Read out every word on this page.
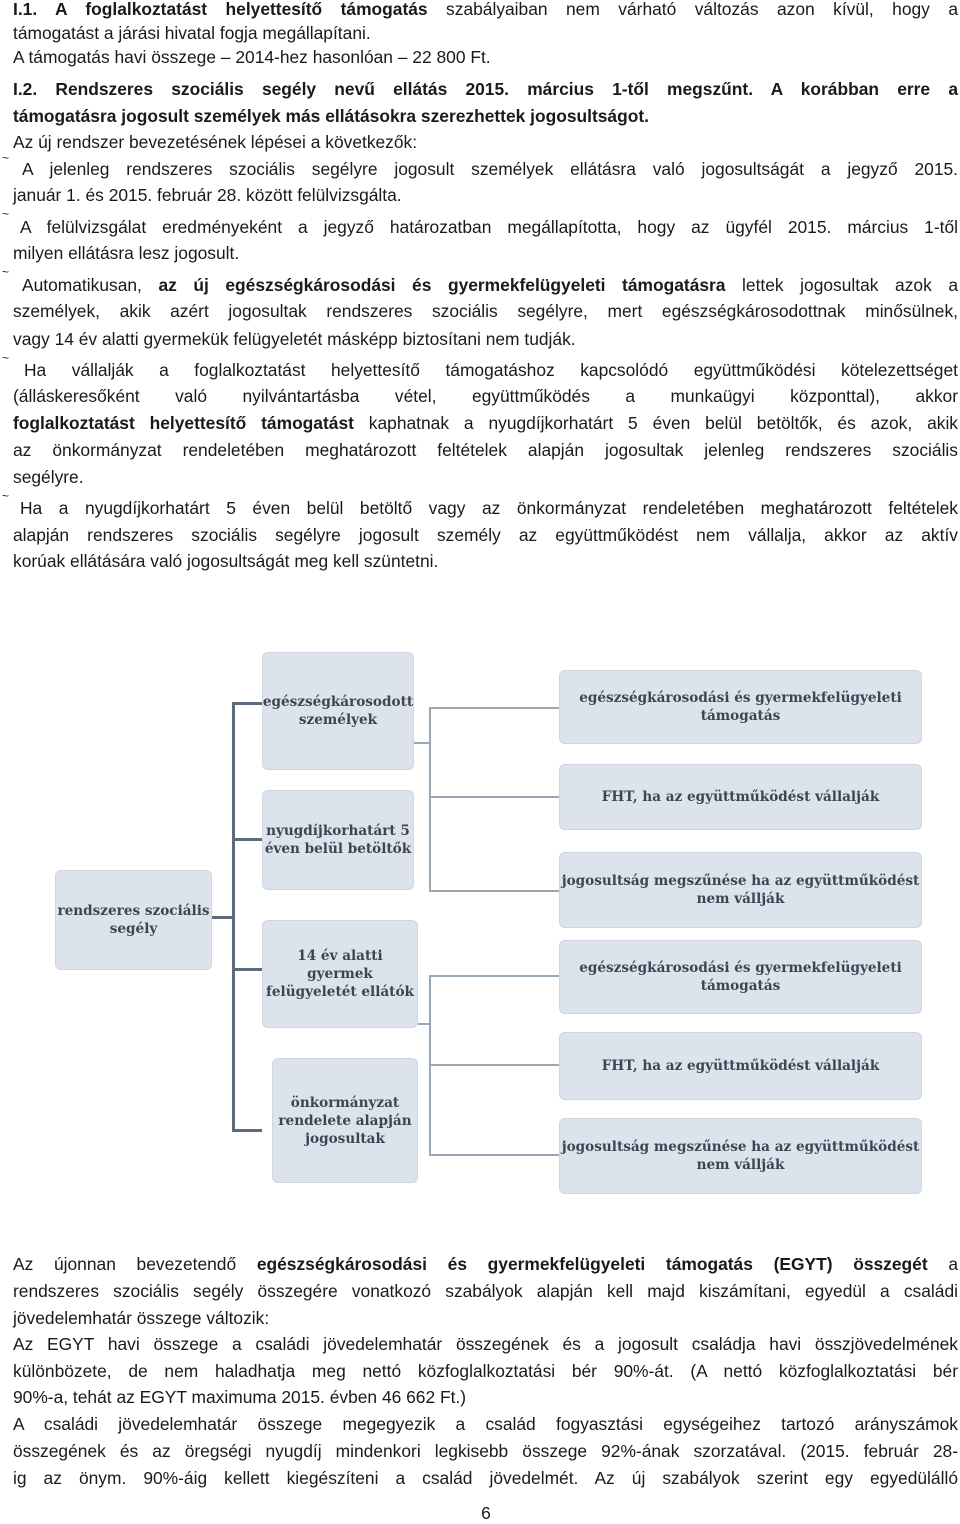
I.1. A foglalkoztatást helyettesítő támogatás szabályaiban nem várható változás azon kívül, hogy a
támogatást a járási hivatal fogja megállapítani.
A támogatás havi összege – 2014-hez hasonlóan – 22 800 Ft.
I.2. Rendszeres szociális segély nevű ellátás 2015. március 1-től megszűnt. A korábban erre a
támogatásra jogosult személyek más ellátásokra szerezhettek jogosultságot.
Az új rendszer bevezetésének lépései a következők:
~
A jelenleg rendszeres szociális segélyre jogosult személyek ellátásra való jogosultságát a jegyző 2015.
január 1. és 2015. február 28. között felülvizsgálta.
~
A felülvizsgálat eredményeként a jegyző határozatban megállapította, hogy az ügyfél 2015. március 1-től
milyen ellátásra lesz jogosult.
~
Automatikusan, az új egészségkárosodási és gyermekfelügyeleti támogatásra lettek jogosultak azok a
személyek, akik azért jogosultak rendszeres szociális segélyre, mert egészségkárosodottnak minősülnek,
vagy 14 év alatti gyermekük felügyeletét másképp biztosítani nem tudják.
~
Ha vállalják a foglalkoztatást helyettesítő támogatáshoz kapcsolódó együttműködési kötelezettséget
(álláskeresőként való nyilvántartásba vétel, együttműködés a munkaügyi központtal), akkor
foglalkoztatást helyettesítő támogatást kaphatnak a nyugdíjkorhatárt 5 éven belül betöltők, és azok, akik
az önkormányzat rendeletében meghatározott feltételek alapján jogosultak jelenleg rendszeres szociális
segélyre.
~
Ha a nyugdíjkorhatárt 5 éven belül betöltő vagy az önkormányzat rendeletében meghatározott feltételek
alapján rendszeres szociális segélyre jogosult személy az együttműködést nem vállalja, akkor az aktív
korúak ellátására való jogosultságát meg kell szüntetni.
rendszeres szociális
segély
egészségkárosodott
személyek
nyugdíjkorhatárt 5
éven belül betöltők
14 év alatti
gyermek
felügyeletét ellátók
önkormányzat
rendelete alapján
jogosultak
egészségkárosodási és gyermekfelügyeleti
támogatás
FHT, ha az együttműködést vállalják
jogosultság megszűnése ha az együttműködést
nem vállják
egészségkárosodási és gyermekfelügyeleti
támogatás
FHT, ha az együttműködést vállalják
jogosultság megszűnése ha az együttműködést
nem vállják
Az újonnan bevezetendő egészségkárosodási és gyermekfelügyeleti támogatás (EGYT) összegét a
rendszeres szociális segély összegére vonatkozó szabályok alapján kell majd kiszámítani, egyedül a családi
jövedelemhatár összege változik:
Az EGYT havi összege a családi jövedelemhatár összegének és a jogosult családja havi összjövedelmének
különbözete, de nem haladhatja meg nettó közfoglalkoztatási bér 90%-át. (A nettó közfoglalkoztatási bér
90%-a, tehát az EGYT maximuma 2015. évben 46 662 Ft.)
A családi jövedelemhatár összege megegyezik a család fogyasztási egységeihez tartozó arányszámok
összegének és az öregségi nyugdíj mindenkori legkisebb összege 92%-ának szorzatával. (2015. február 28-
ig az önym. 90%-áig kellett kiegészíteni a család jövedelmét. Az új szabályok szerint egy egyedülálló
6
